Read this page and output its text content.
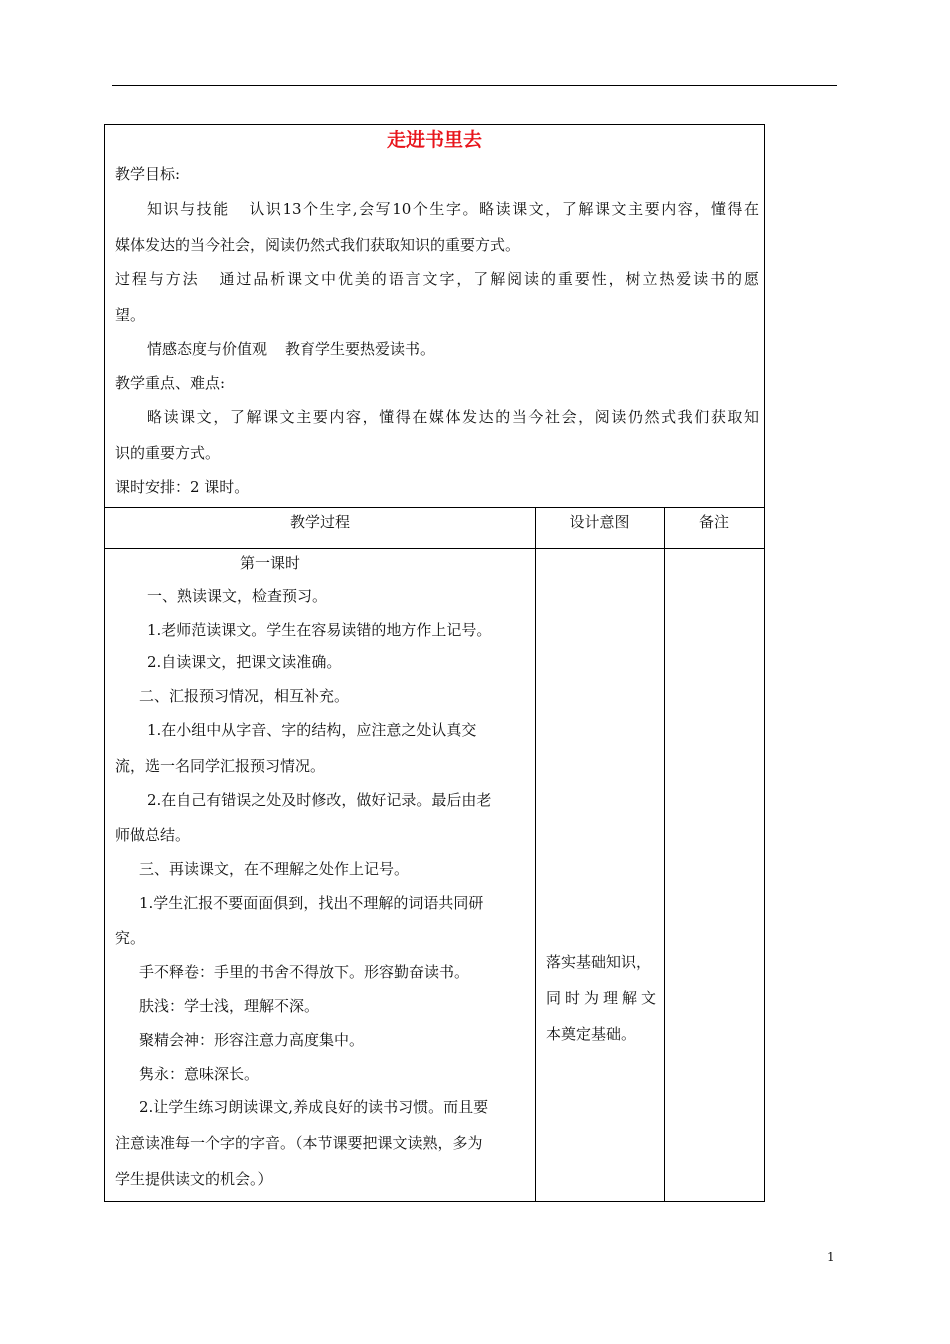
走进书里去
教学目标:
知识与技能 认识13个生字,会写10个生字。略读课文，了解课文主要内容，懂得在
媒体发达的当今社会，阅读仍然式我们获取知识的重要方式。
过程与方法 通过品析课文中优美的语言文字，了解阅读的重要性，树立热爱读书的愿
望。
情感态度与价值观 教育学生要热爱读书。
教学重点、难点:
略读课文，了解课文主要内容，懂得在媒体发达的当今社会，阅读仍然式我们获取知
识的重要方式。
课时安排：2 课时。
教学过程	设计意图	备注
第一课时
一、熟读课文，检查预习。
1.老师范读课文。学生在容易读错的地方作上记号。
2.自读课文，把课文读准确。
二、汇报预习情况，相互补充。
1.在小组中从字音、字的结构，应注意之处认真交
流，选一名同学汇报预习情况。
2.在自己有错误之处及时修改，做好记录。最后由老
师做总结。
三、再读课文，在不理解之处作上记号。
1.学生汇报不要面面俱到，找出不理解的词语共同研
究。
手不释卷：手里的书舍不得放下。形容勤奋读书。
肤浅：学士浅，理解不深。
聚精会神：形容注意力高度集中。
隽永：意味深长。
2.让学生练习朗读课文,养成良好的读书习惯。而且要
注意读准每一个字的字音。（本节课要把课文读熟，多为
学生提供读文的机会。）
落实基础知识，
同时为理解文
本奠定基础。
1
